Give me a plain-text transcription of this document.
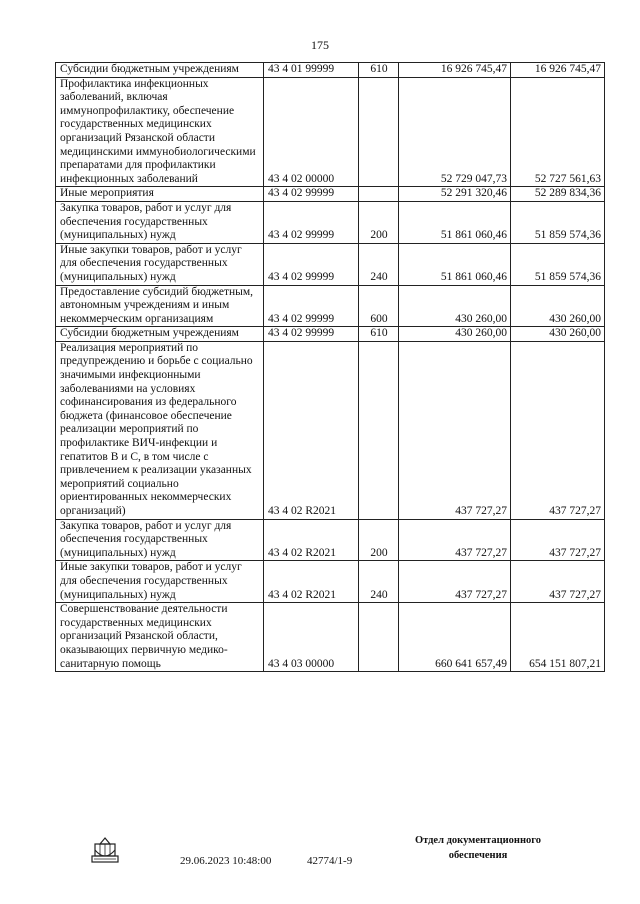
175
Субсидии бюджетным учреждениям	43 4 01 99999	610	16 926 745,47	16 926 745,47
Профилактика инфекционных заболеваний, включая иммунопрофилактику, обеспечение государственных медицинских организаций Рязанской области медицинскими иммунобиологическими препаратами для профилактики инфекционных заболеваний	43 4 02 00000		52 729 047,73	52 727 561,63
Иные мероприятия	43 4 02 99999		52 291 320,46	52 289 834,36
Закупка товаров, работ и услуг для обеспечения государственных (муниципальных) нужд	43 4 02 99999	200	51 861 060,46	51 859 574,36
Иные закупки товаров, работ и услуг для обеспечения государственных (муниципальных) нужд	43 4 02 99999	240	51 861 060,46	51 859 574,36
Предоставление субсидий бюджетным, автономным учреждениям и иным некоммерческим организациям	43 4 02 99999	600	430 260,00	430 260,00
Субсидии бюджетным учреждениям	43 4 02 99999	610	430 260,00	430 260,00
Реализация мероприятий по предупреждению и борьбе с социально значимыми инфекционными заболеваниями на условиях софинансирования из федерального бюджета (финансовое обеспечение реализации мероприятий по профилактике ВИЧ-инфекции и гепатитов В и С, в том числе с привлечением к реализации указанных мероприятий социально ориентированных некоммерческих организаций)	43 4 02 R2021		437 727,27	437 727,27
Закупка товаров, работ и услуг для обеспечения государственных (муниципальных) нужд	43 4 02 R2021	200	437 727,27	437 727,27
Иные закупки товаров, работ и услуг для обеспечения государственных (муниципальных) нужд	43 4 02 R2021	240	437 727,27	437 727,27
Совершенствование деятельности государственных медицинских организаций Рязанской области, оказывающих первичную медико-санитарную помощь	43 4 03 00000		660 641 657,49	654 151 807,21
29.06.2023 10:48:00	42774/1-9
Отдел документационного
обеспечения
